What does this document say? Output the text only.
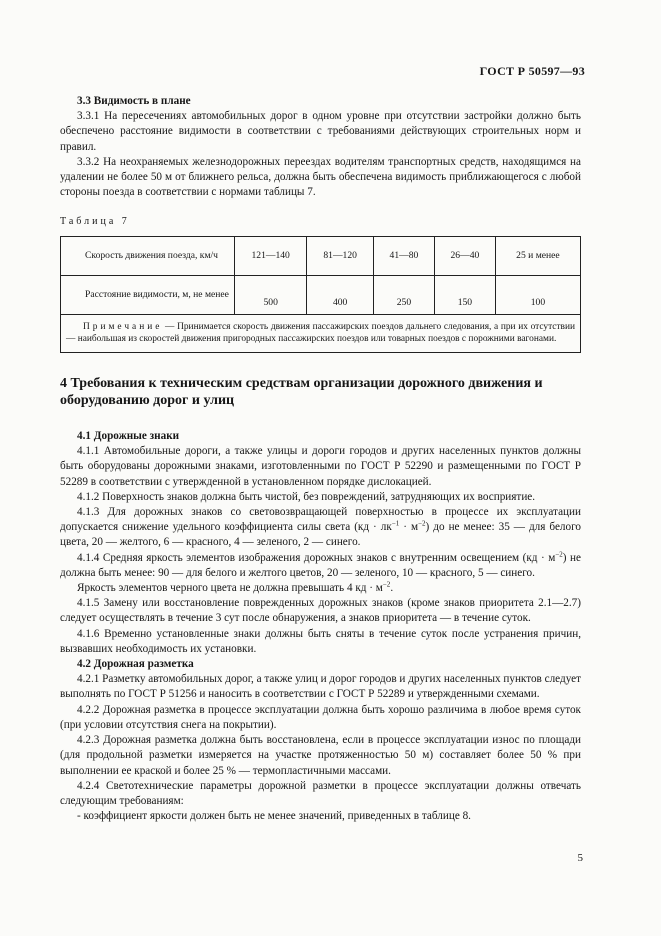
ГОСТ Р 50597—93

3.3 Видимость в плане

3.3.1 На пересечениях автомобильных дорог в одном уровне при отсутствии застройки должно быть обеспечено расстояние видимости в соответствии с требованиями действующих строительных норм и правил.

3.3.2 На неохраняемых железнодорожных переездах водителям транспортных средств, находящимся на удалении не более 50 м от ближнего рельса, должна быть обеспечена видимость приближающегося с любой стороны поезда в соответствии с нормами таблицы 7.

Таблица 7
Скорость движения поезда, км/ч	121—140	81—120	41—80	26—40	25 и менее
Расстояние видимости, м, не менее	500	400	250	150	100
Примечание — Принимается скорость движения пассажирских поездов дальнего следования, а при их отсутствии — наибольшая из скоростей движения пригородных пассажирских поездов или товарных поездов с порожними вагонами.					
4 Требования к техническим средствам организации дорожного движения и оборудованию дорог и улиц

4.1 Дорожные знаки

4.1.1 Автомобильные дороги, а также улицы и дороги городов и других населенных пунктов должны быть оборудованы дорожными знаками, изготовленными по ГОСТ Р 52290 и размещенными по ГОСТ Р 52289 в соответствии с утвержденной в установленном порядке дислокацией.

4.1.2 Поверхность знаков должна быть чистой, без повреждений, затрудняющих их восприятие.

4.1.3 Для дорожных знаков со световозвращающей поверхностью в процессе их эксплуатации допускается снижение удельного коэффициента силы света $(кд \cdot лк^{-1} \cdot м^{-2})$ до не менее: 35 — для белого цвета, 20 — желтого, 6 — красного, 4 — зеленого, 2 — синего.

4.1.4 Средняя яркость элементов изображения дорожных знаков с внутренним освещением $(кд \cdot м^{-2})$ не должна быть менее: 90 — для белого и желтого цветов, 20 — зеленого, 10 — красного, 5 — синего.

Яркость элементов черного цвета не должна превышать 4 кд · $м^{-2}$.

4.1.5 Замену или восстановление поврежденных дорожных знаков (кроме знаков приоритета 2.1—2.7) следует осуществлять в течение 3 сут после обнаружения, а знаков приоритета — в течение суток.

4.1.6 Временно установленные знаки должны быть сняты в течение суток после устранения причин, вызвавших необходимость их установки.

4.2 Дорожная разметка

4.2.1 Разметку автомобильных дорог, а также улиц и дорог городов и других населенных пунктов следует выполнять по ГОСТ Р 51256 и наносить в соответствии с ГОСТ Р 52289 и утвержденными схемами.

4.2.2 Дорожная разметка в процессе эксплуатации должна быть хорошо различима в любое время суток (при условии отсутствия снега на покрытии).

4.2.3 Дорожная разметка должна быть восстановлена, если в процессе эксплуатации износ по площади (для продольной разметки измеряется на участке протяженностью 50 м) составляет более 50 % при выполнении ее краской и более 25 % — термопластичными массами.

4.2.4 Светотехнические параметры дорожной разметки в процессе эксплуатации должны отвечать следующим требованиям:

- коэффициент яркости должен быть не менее значений, приведенных в таблице 8.

5
